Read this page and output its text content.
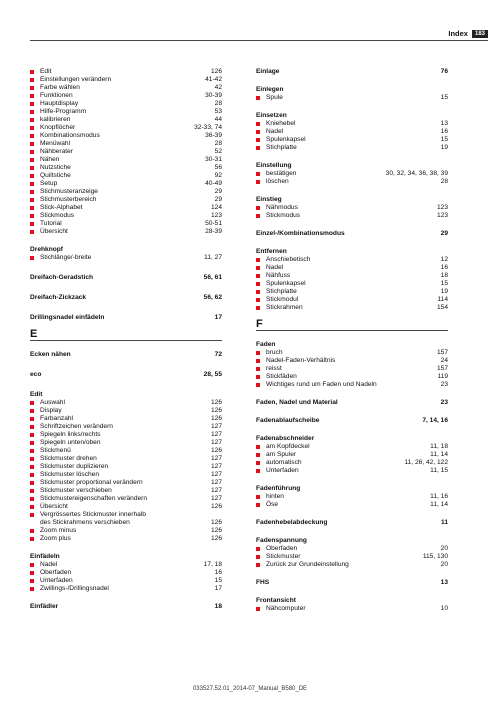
Index	183
Edit	126
Einstellungen verändern	41-42
Farbe wählen	42
Funktionen	30-39
Hauptdisplay	28
Hilfe-Programm	53
kalibrieren	44
Knopflöcher	32-33, 74
Kombinationsmodus	36-39
Menüwahl	28
Nähberater	52
Nähen	30-31
Nutzstiche	56
Quiltstiche	92
Setup	40-49
Stichmusteranzeige	29
Stichmusterbereich	29
Stick-Alphabet	124
Stickmodus	123
Tutorial	50-51
Übersicht	28-39
Drehknopf
Stichlänge/-breite	11, 27
Dreifach-Geradstich	56, 61
Dreifach-Zickzack	56, 62
Drillingsnadel einfädeln	17
E
Ecken nähen	72
eco	28, 55
Edit
Auswahl	126
Display	126
Farbanzahl	126
Schriftzeichen verändern	127
Spiegeln links/rechts	127
Spiegeln unten/oben	127
Stickmenü	126
Stickmuster drehen	127
Stickmuster duplizieren	127
Stickmuster löschen	127
Stickmuster proportional verändern	127
Stickmuster verschieben	127
Stickmustereigenschaften verändern	127
Übersicht	126
Vergrössertes Stickmuster innerhalb
des Stickrahmens verschieben	126
Zoom minus	126
Zoom plus	126
Einfädeln
Nadel	17, 18
Oberfaden	16
Unterfaden	15
Zwillings-/Drillingsnadel	17
Einfädler	18
Einlage	76
Einlegen
Spule	15
Einsetzen
Kniehebel	13
Nadel	16
Spulenkapsel	15
Stichplatte	19
Einstellung
bestätigen	30, 32, 34, 36, 38, 39
löschen	28
Einstieg
Nähmodus	123
Stickmodus	123
Einzel-/Kombinationsmodus	29
Entfernen
Anschiebetisch	12
Nadel	16
Nähfuss	18
Spulenkapsel	15
Stichplatte	19
Stickmodul	114
Stickrahmen	154
F
Faden
bruch	157
Nadel-Faden-Verhältnis	24
reisst	157
Stickfäden	119
Wichtiges rund um Faden und Nadeln	23
Faden, Nadel und Material	23
Fadenablaufscheibe	7, 14, 16
Fadenabschneider
am Kopfdeckel	11, 18
am Spuler	11, 14
automatisch	11, 26, 42, 122
Unterfaden	11, 15
Fadenführung
hinten	11, 16
Öse	11, 14
Fadenhebelabdeckung	11
Fadenspannung
Oberfaden	20
Stickmuster	115, 130
Zurück zur Grundeinstellung	20
FHS	13
Frontansicht
Nähcomputer	10
033527.52.01_2014-07_Manual_B580_DE
